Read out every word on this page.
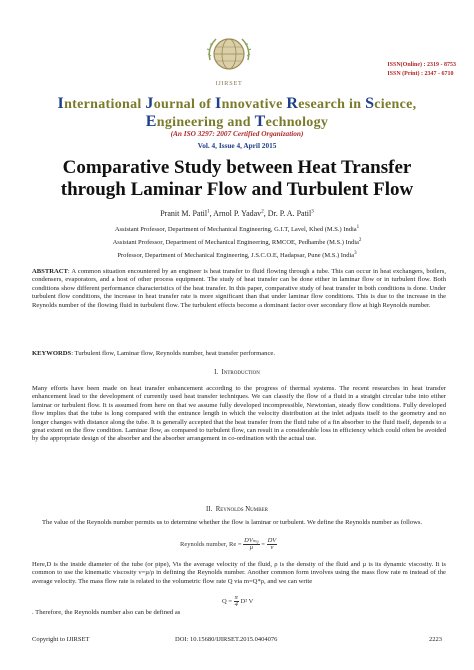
IJIRSET
ISSN(Online) : 2319 - 8753
ISSN (Print) : 2347 - 6710
International Journal of Innovative Research in Science,
Engineering and Technology
(An ISO 3297: 2007 Certified Organization)
Vol. 4, Issue 4, April 2015
Comparative Study between Heat Transfer
through Laminar Flow and Turbulent Flow
Pranit M. Patil$^1$, Arnol P. Yadav$^2$, Dr. P. A. Patil$^3$
Assistant Professor, Department of Mechanical Engineering, G.I.T, Lavel, Khed (M.S.) India$^1$
Assistant Professor, Department of Mechanical Engineering, RMCOE, Pedhambe (M.S.) India$^2$
Professor, Department of Mechanical Engineering, J.S.C.O.E, Hadapsar, Pune (M.S.) India$^3$
ABSTRACT: A common situation encountered by an engineer is heat transfer to fluid flowing through a tube. This can occur in heat exchangers, boilers, condensers, evaporators, and a host of other process equipment. The study of heat transfer can be done either in laminar flow or in turbulent flow. Both conditions show different performance characteristics of the heat transfer. In this paper, comparative study of heat transfer in both conditions is done. Under turbulent flow conditions, the increase in heat transfer rate is more significant than that under laminar flow conditions. This is due to the increase in the Reynolds number of the flowing fluid in turbulent flow. The turbulent effects become a dominant factor over secondary flow at high Reynolds number.
KEYWORDS: Turbulent flow, Laminar flow, Reynolds number, heat transfer performance.
I. Introduction
Many efforts have been made on heat transfer enhancement according to the progress of thermal systems. The recent researches in heat transfer enhancement lead to the development of currently used heat transfer techniques. We can classify the flow of a fluid in a straight circular tube into either laminar or turbulent flow. It is assumed from here on that we assume fully developed incompressible, Newtonian, steady flow conditions. Fully developed flow implies that the tube is long compared with the entrance length in which the velocity distribution at the inlet adjusts itself to the geometry and no longer changes with distance along the tube. It is generally accepted that the heat transfer from the fluid tube of a fin absorber to the fluid itself, depends to a great extent on the flow condition. Laminar flow, as compared to turbulent flow, can result in a considerable loss in efficiency which could often be avoided by the appropriate design of the absorber and the absorber arrangement in co-ordination with the actual use.
II. Reynolds Number
The value of the Reynolds number permits us to determine whether the flow is laminar or turbulent. We define the Reynolds number as follows.
Reynolds number, $Re = \frac{\text{DVₘᵨ}}{\text{µ}} = \frac{DV}{\nu}$
Here,D is the inside diameter of the tube (or pipe), Vis the average velocity of the fluid, ρ is the density of the fluid and µ is its dynamic viscosity. It is common to use the kinematic viscosity ν=µ/ρ in defining the Reynolds number. Another common form involves using the mass flow rate m instead of the average velocity. The mass flow rate is related to the volumetric flow rate Q via m=Q*ρ, and we can write
$Q = \frac{\pi}{4} D^2$ V
. Therefore, the Reynolds number also can be defined as
Copyright to IJIRSET	DOI: 10.15680/IJIRSET.2015.0404076	2223
